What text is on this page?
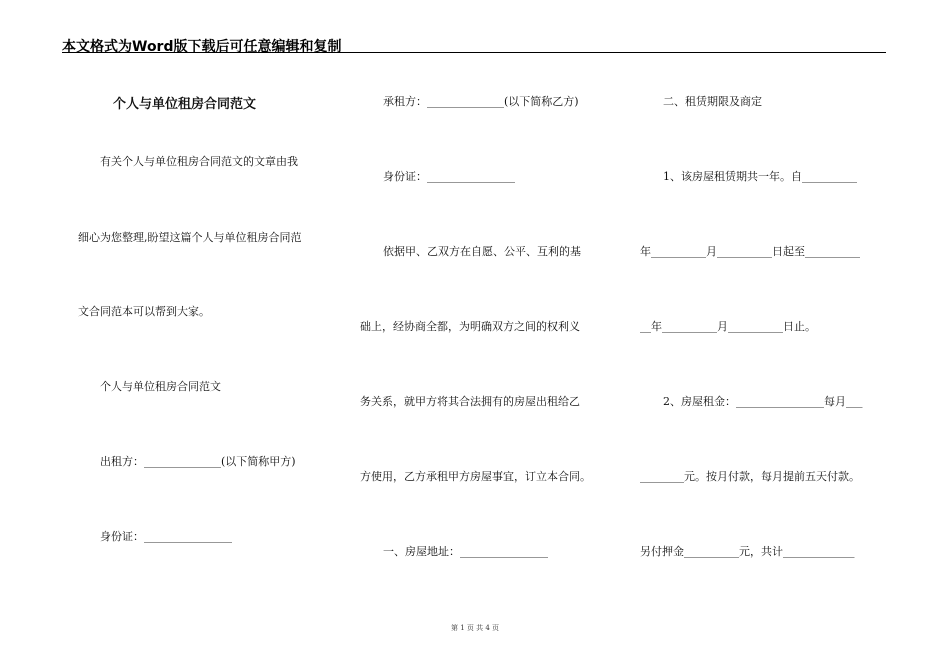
本文格式为Word版下载后可任意编辑和复制
个人与单位租房合同范文
有关个人与单位租房合同范文的文章由我
细心为您整理,盼望这篇个人与单位租房合同范
文合同范本可以帮到大家。
个人与单位租房合同范文
出租方：______________(以下简称甲方)
身份证：________________
承租方：______________(以下简称乙方)
身份证：________________
依据甲、乙双方在自愿、公平、互利的基
础上，经协商全都，为明确双方之间的权利义
务关系，就甲方将其合法拥有的房屋出租给乙
方使用，乙方承租甲方房屋事宜，订立本合同。
一、房屋地址：________________
二、租赁期限及商定
1、该房屋租赁期共一年。自__________
年__________月__________日起至__________
__年__________月__________日止。
2、房屋租金：________________每月___
________元。按月付款，每月提前五天付款。
另付押金__________元，共计_____________
第 1 页 共 4 页
